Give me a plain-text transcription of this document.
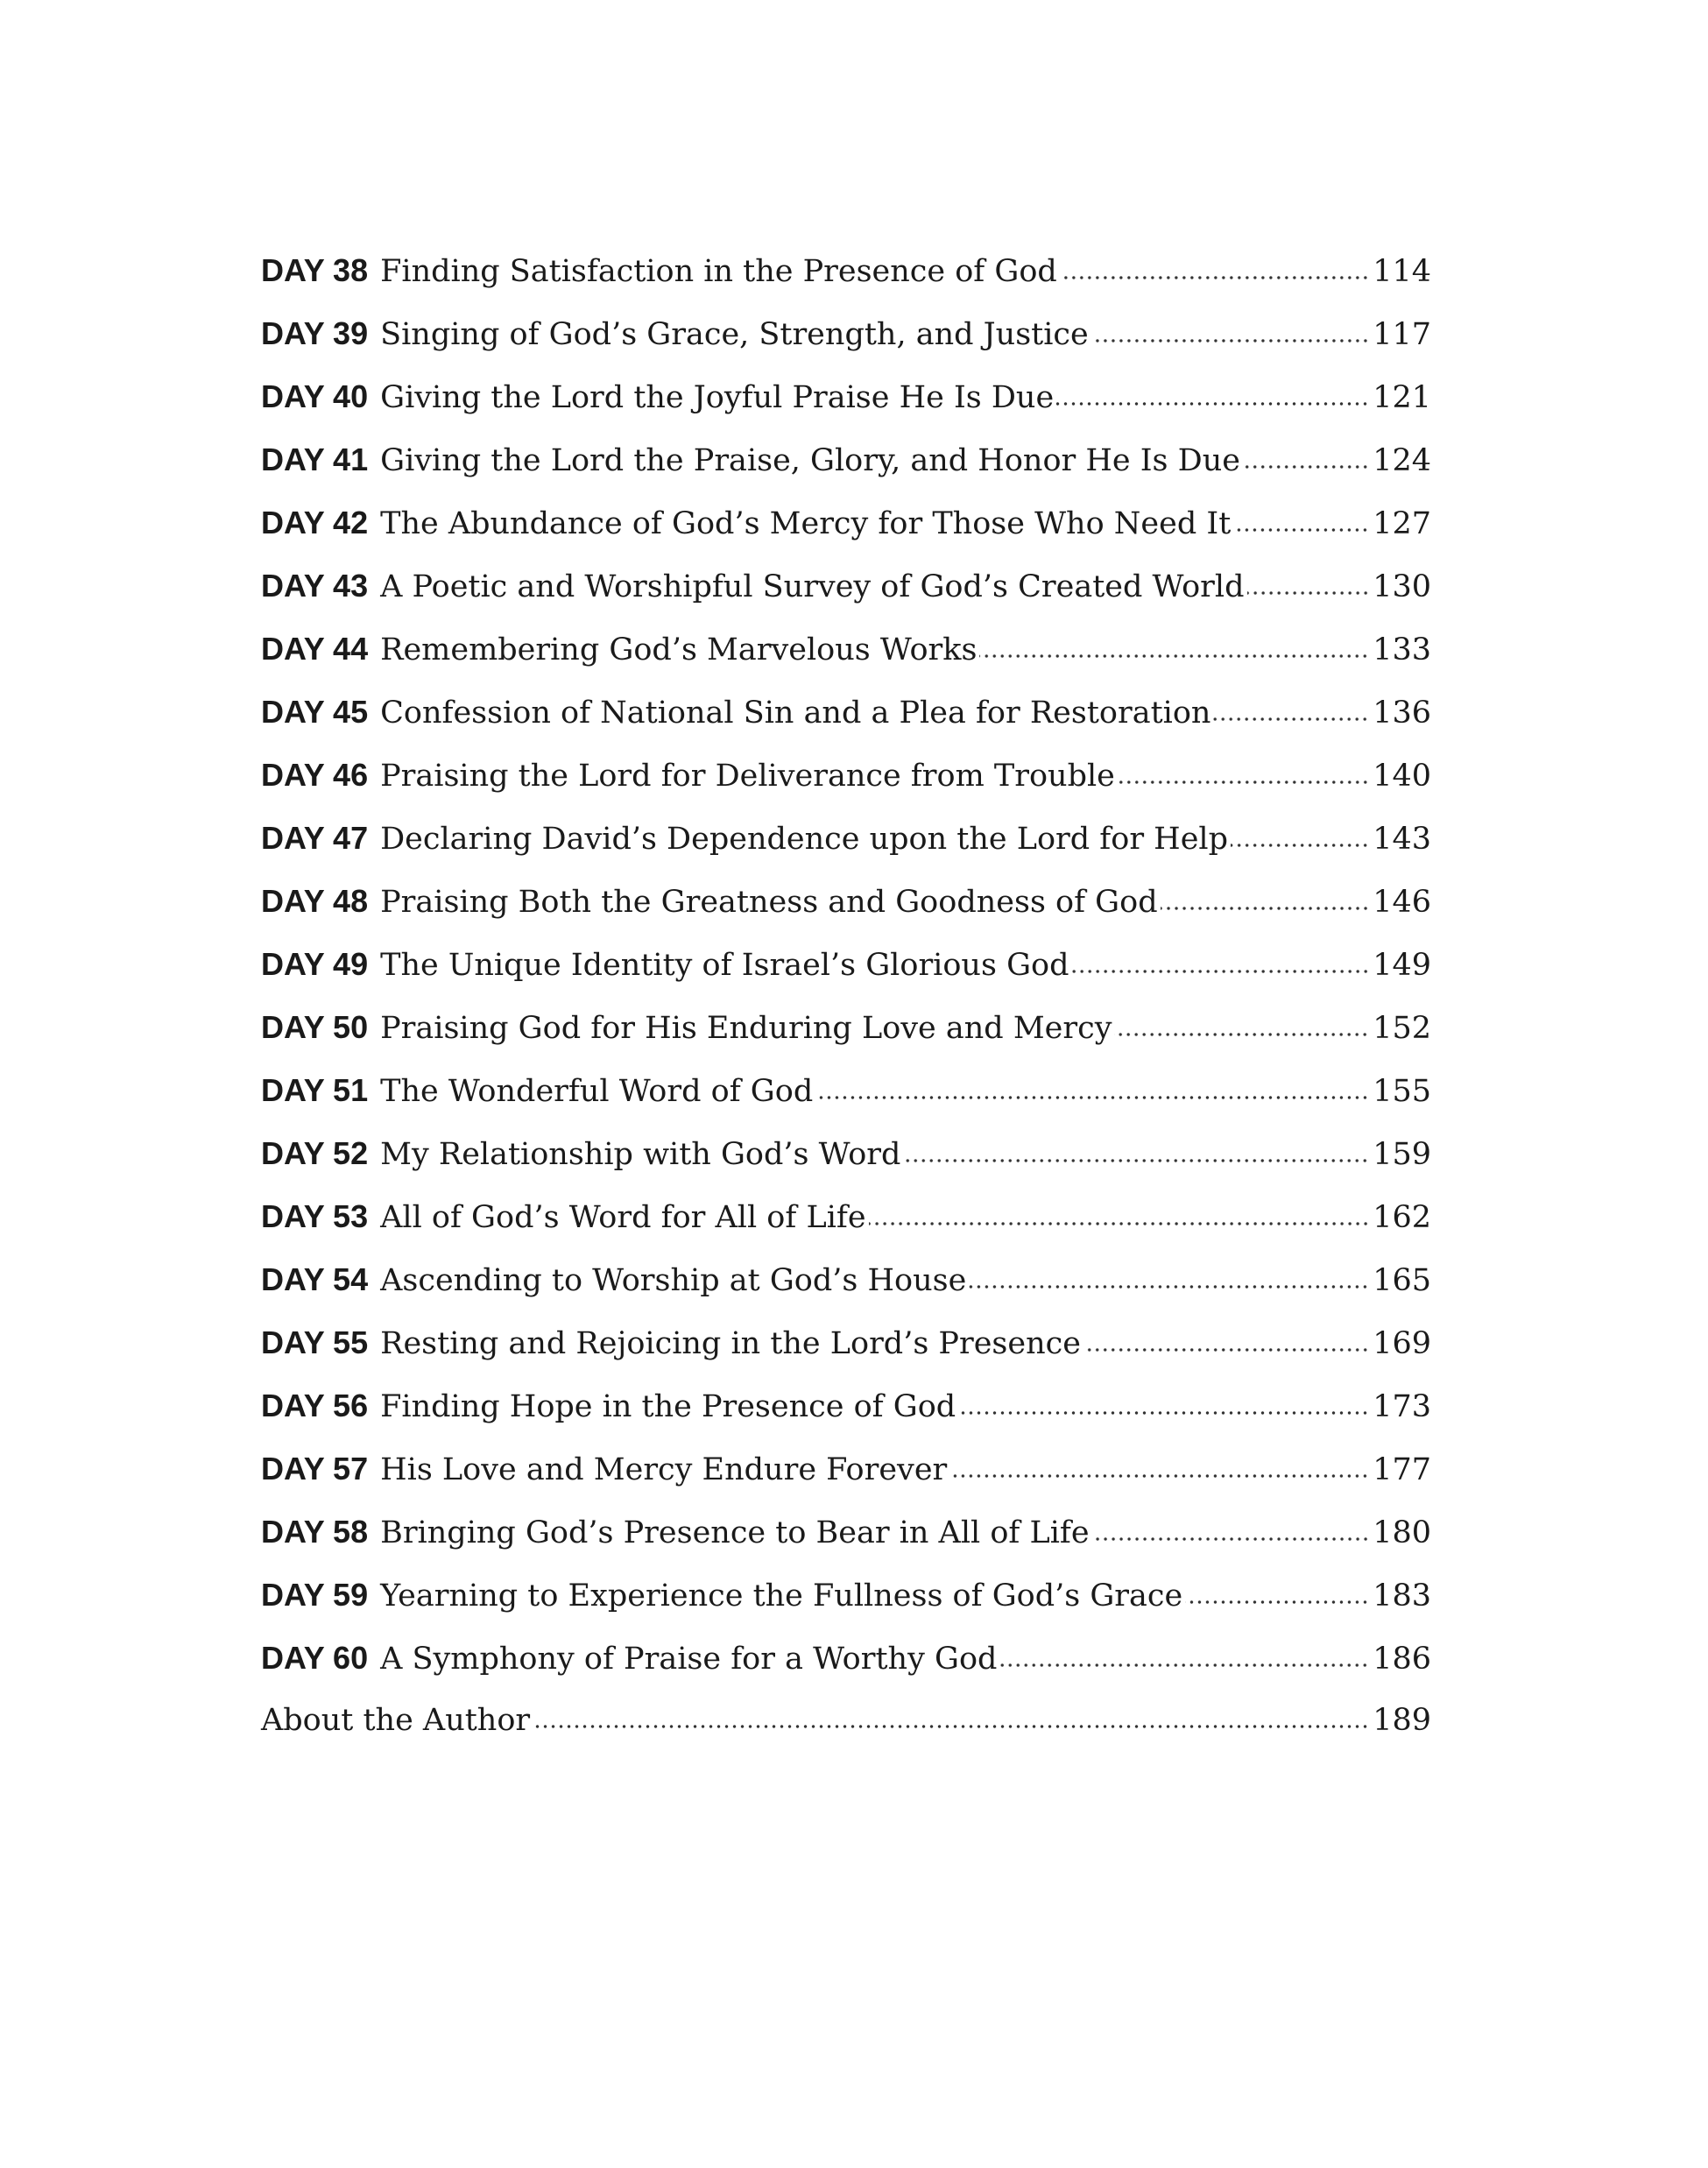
DAY 38 Finding Satisfaction in the Presence of God	114
DAY 39 Singing of God’s Grace, Strength, and Justice	117
DAY 40 Giving the Lord the Joyful Praise He Is Due	121
DAY 41 Giving the Lord the Praise, Glory, and Honor He Is Due	124
DAY 42 The Abundance of God’s Mercy for Those Who Need It	127
DAY 43 A Poetic and Worshipful Survey of God’s Created World	130
DAY 44 Remembering God’s Marvelous Works	133
DAY 45 Confession of National Sin and a Plea for Restoration	136
DAY 46 Praising the Lord for Deliverance from Trouble	140
DAY 47 Declaring David’s Dependence upon the Lord for Help	143
DAY 48 Praising Both the Greatness and Goodness of God	146
DAY 49 The Unique Identity of Israel’s Glorious God	149
DAY 50 Praising God for His Enduring Love and Mercy	152
DAY 51 The Wonderful Word of God	155
DAY 52 My Relationship with God’s Word	159
DAY 53 All of God’s Word for All of Life	162
DAY 54 Ascending to Worship at God’s House	165
DAY 55 Resting and Rejoicing in the Lord’s Presence	169
DAY 56 Finding Hope in the Presence of God	173
DAY 57 His Love and Mercy Endure Forever	177
DAY 58 Bringing God’s Presence to Bear in All of Life	180
DAY 59 Yearning to Experience the Fullness of God’s Grace	183
DAY 60 A Symphony of Praise for a Worthy God	186
About the Author	189
